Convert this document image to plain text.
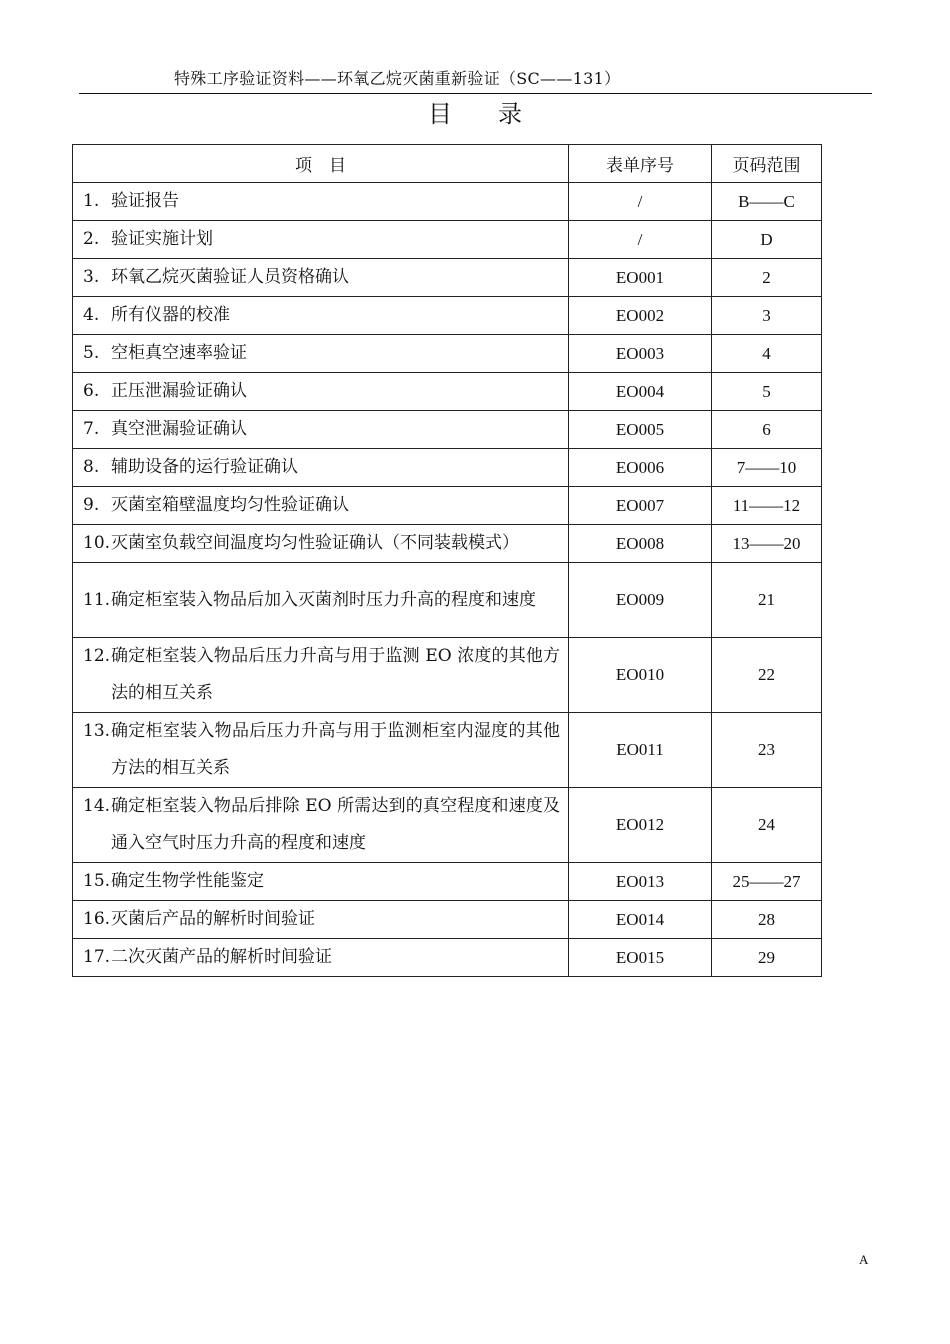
特殊工序验证资料——环氧乙烷灭菌重新验证（SC——131）
目录
项　目	表单序号	页码范围

1. 验证报告	/	B——C

2. 验证实施计划	/	D

3. 环氧乙烷灭菌验证人员资格确认	EO001	2

4. 所有仪器的校准	EO002	3

5. 空柜真空速率验证	EO003	4

6. 正压泄漏验证确认	EO004	5

7. 真空泄漏验证确认	EO005	6

8. 辅助设备的运行验证确认	EO006	7——10

9. 灭菌室箱壁温度均匀性验证确认	EO007	11——12

10. 灭菌室负载空间温度均匀性验证确认（不同装载模式）	EO008	13——20

11. 确定柜室装入物品后加入灭菌剂时压力升高的程度和速度	EO009	21

12. 确定柜室装入物品后压力升高与用于监测 EO 浓度的其他方法的相互关系	EO010	22

13. 确定柜室装入物品后压力升高与用于监测柜室内湿度的其他方法的相互关系	EO011	23

14. 确定柜室装入物品后排除 EO 所需达到的真空程度和速度及通入空气时压力升高的程度和速度	EO012	24

15. 确定生物学性能鉴定	EO013	25——27

16. 灭菌后产品的解析时间验证	EO014	28

17. 二次灭菌产品的解析时间验证	EO015	29
A
